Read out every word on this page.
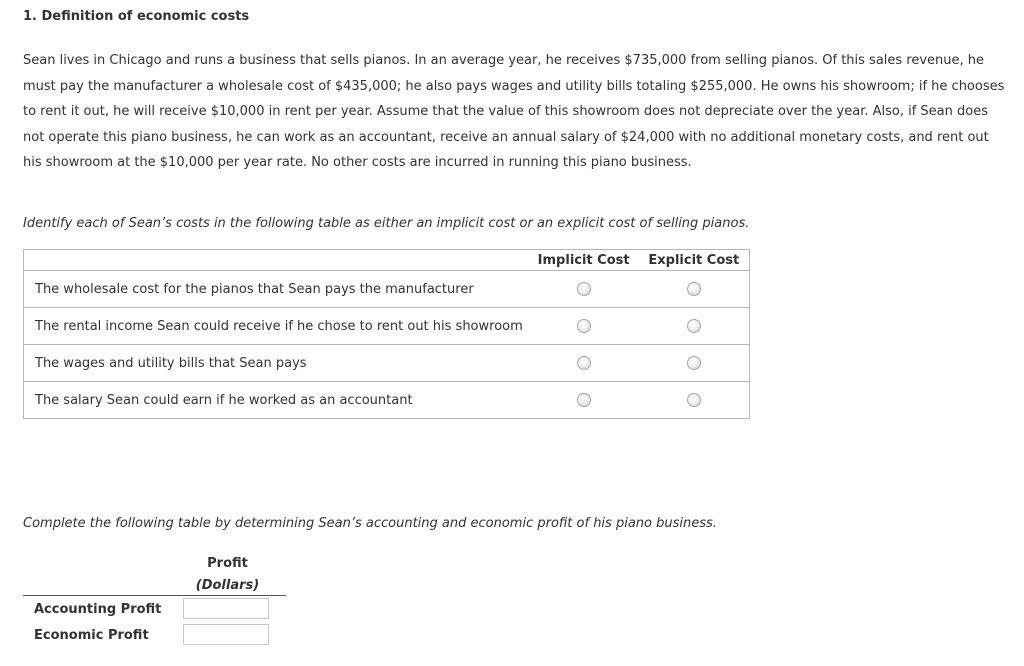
1. Definition of economic costs

Sean lives in Chicago and runs a business that sells pianos. In an average year, he receives $735,000 from selling pianos. Of this sales revenue, he must pay the manufacturer a wholesale cost of $435,000; he also pays wages and utility bills totaling $255,000. He owns his showroom; if he chooses to rent it out, he will receive $10,000 in rent per year. Assume that the value of this showroom does not depreciate over the year. Also, if Sean does not operate this piano business, he can work as an accountant, receive an annual salary of $24,000 with no additional monetary costs, and rent out his showroom at the $10,000 per year rate. No other costs are incurred in running this piano business.

Identify each of Sean’s costs in the following table as either an implicit cost or an explicit cost of selling pianos.

	Implicit Cost	Explicit Cost
The wholesale cost for the pianos that Sean pays the manufacturer		
The rental income Sean could receive if he chose to rent out his showroom		
The wages and utility bills that Sean pays		
The salary Sean could earn if he worked as an accountant		

Complete the following table by determining Sean’s accounting and economic profit of his piano business.

Profit
(Dollars)
Accounting Profit
Economic Profit
